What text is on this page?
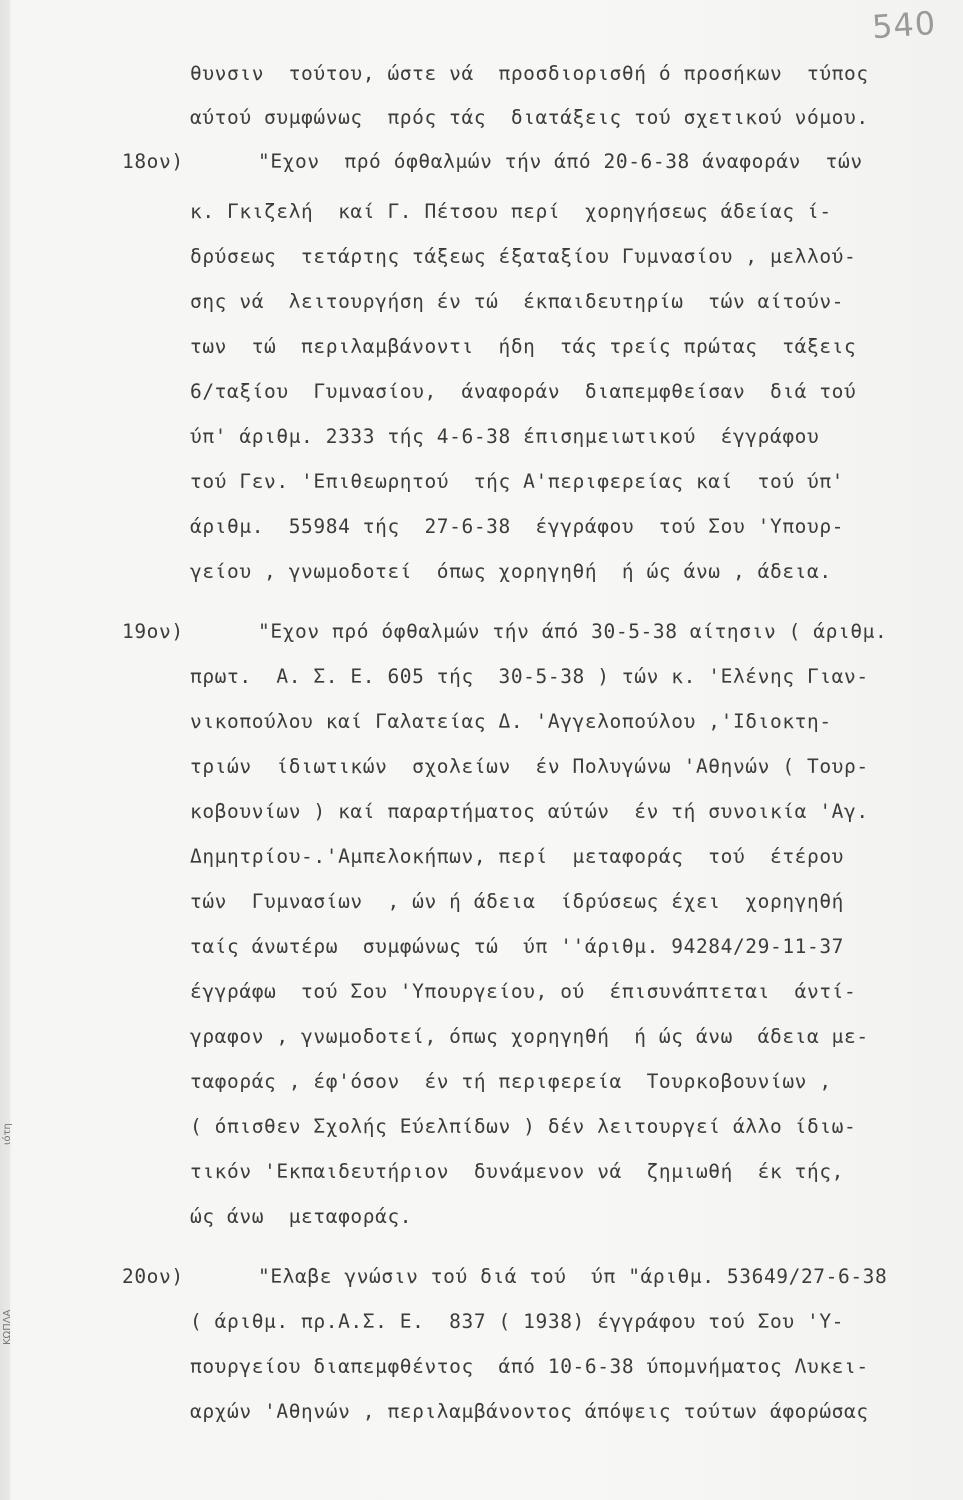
540
θυνσιν  τούτου, ώστε νά  προσδιορισθή ό προσήκων  τύπος
αύτού συμφώνως  πρός τάς  διατάξεις τού σχετικού νόμου.
18ον)	"Εχον  πρό όφθαλμών τήν άπό 20-6-38 άναφοράν  τών
κ. Γκιζελή  καί Γ. Πέτσου περί  χορηγήσεως άδείας ί-
δρύσεως  τετάρτης τάξεως έξαταξίου Γυμνασίου , μελλού-
σης νά  λειτουργήση έν τώ  έκπαιδευτηρίω  τών αίτούν-
των  τώ  περιλαμβάνοντι  ήδη  τάς τρείς πρώτας  τάξεις
6/ταξίου  Γυμνασίου,  άναφοράν  διαπεμφθείσαν  διά τού
ύπ' άριθμ. 2333 τής 4-6-38 έπισημειωτικού  έγγράφου
τού Γεν. 'Επιθεωρητού  τής Α'περιφερείας καί  τού ύπ'
άριθμ.  55984 τής  27-6-38  έγγράφου  τού Σου 'Υπουρ-
γείου , γνωμοδοτεί  όπως χορηγηθή  ή ώς άνω , άδεια.
19ον)	"Εχον πρό όφθαλμών τήν άπό 30-5-38 αίτησιν ( άριθμ.
πρωτ.  Α. Σ. Ε. 605 τής  30-5-38 ) τών κ. 'Ελένης Γιαν-
νικοπούλου καί Γαλατείας Δ. 'Αγγελοπούλου ,'Ιδιοκτη-
τριών  ίδιωτικών  σχολείων  έν Πολυγώνω 'Αθηνών ( Τουρ-
κοβουνίων ) καί παραρτήματος αύτών  έν τή συνοικία 'Αγ.
Δημητρίου-.'Αμπελοκήπων, περί  μεταφοράς  τού  έτέρου
τών  Γυμνασίων  , ών ή άδεια  ίδρύσεως έχει  χορηγηθή
ταίς άνωτέρω  συμφώνως τώ  ύπ ''άριθμ. 94284/29-11-37
έγγράφω  τού Σου 'Υπουργείου, ού  έπισυνάπτεται  άντί-
γραφον , γνωμοδοτεί, όπως χορηγηθή  ή ώς άνω  άδεια με-
ταφοράς , έφ'όσον  έν τή περιφερεία  Τουρκοβουνίων ,
( όπισθεν Σχολής Εύελπίδων ) δέν λειτουργεί άλλο ίδιω-
τικόν 'Εκπαιδευτήριον  δυνάμενον νά  ζημιωθή  έκ τής,
ώς άνω  μεταφοράς.
20ον)	"Ελαβε γνώσιν τού διά τού  ύπ "άριθμ. 53649/27-6-38
( άριθμ. πρ.Α.Σ. Ε.  837 ( 1938) έγγράφου τού Σου 'Υ-
πουργείου διαπεμφθέντος  άπό 10-6-38 ύπομνήματος Λυκει-
αρχών 'Αθηνών , περιλαμβάνοντος άπόψεις τούτων άφορώσας
ιότη
ΚΩΠΛΑ
